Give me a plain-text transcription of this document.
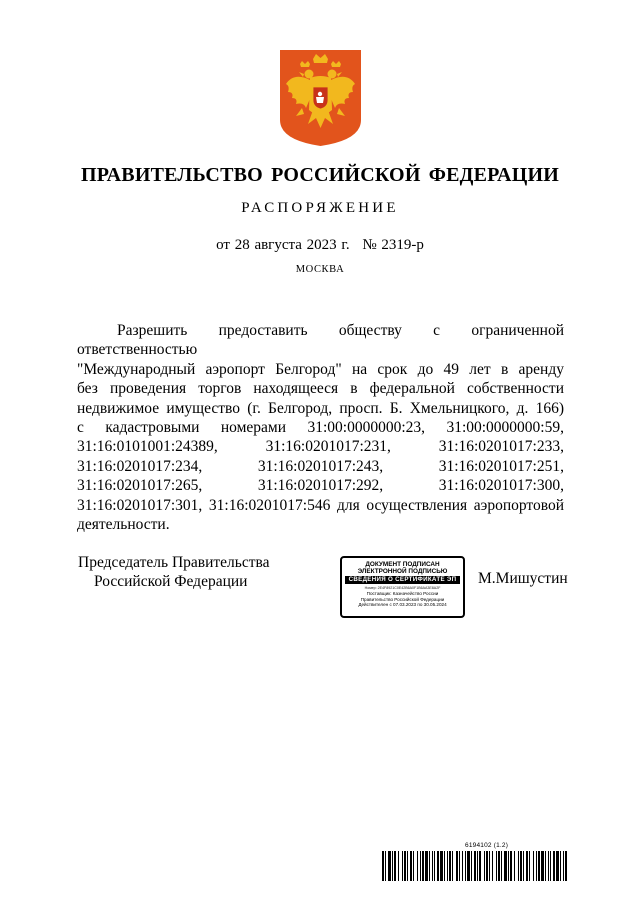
ПРАВИТЕЛЬСТВО РОССИЙСКОЙ ФЕДЕРАЦИИ
РАСПОРЯЖЕНИЕ
от 28 августа 2023 г. № 2319-р
МОСКВА
Разрешить предоставить обществу с ограниченной ответственностью
"Международный аэропорт Белгород" на срок до 49 лет в аренду
без проведения торгов находящееся в федеральной собственности
недвижимое имущество (г. Белгород, просп. Б. Хмельницкого, д. 166)
с кадастровыми номерами 31:00:0000000:23, 31:00:0000000:59,
31:16:0101001:24389, 31:16:0201017:231, 31:16:0201017:233,
31:16:0201017:234, 31:16:0201017:243, 31:16:0201017:251,
31:16:0201017:265, 31:16:0201017:292, 31:16:0201017:300,
31:16:0201017:301, 31:16:0201017:546 для осуществления аэропортовой
деятельности.
Председатель Правительства
Российской Федерации
ДОКУМЕНТ ПОДПИСАН
ЭЛЕКТРОННОЙ ПОДПИСЬЮ
СВЕДЕНИЯ О СЕРТИФИКАТЕ ЭП
Номер: 2E4F8921C0E42B6A0F1B6AA3E8A2F
Поставщик: Казначейство России
Правительство Российской Федерации
Действителен с 07.03.2023 по 30.05.2024
М.Мишустин
6194102 (1.2)
